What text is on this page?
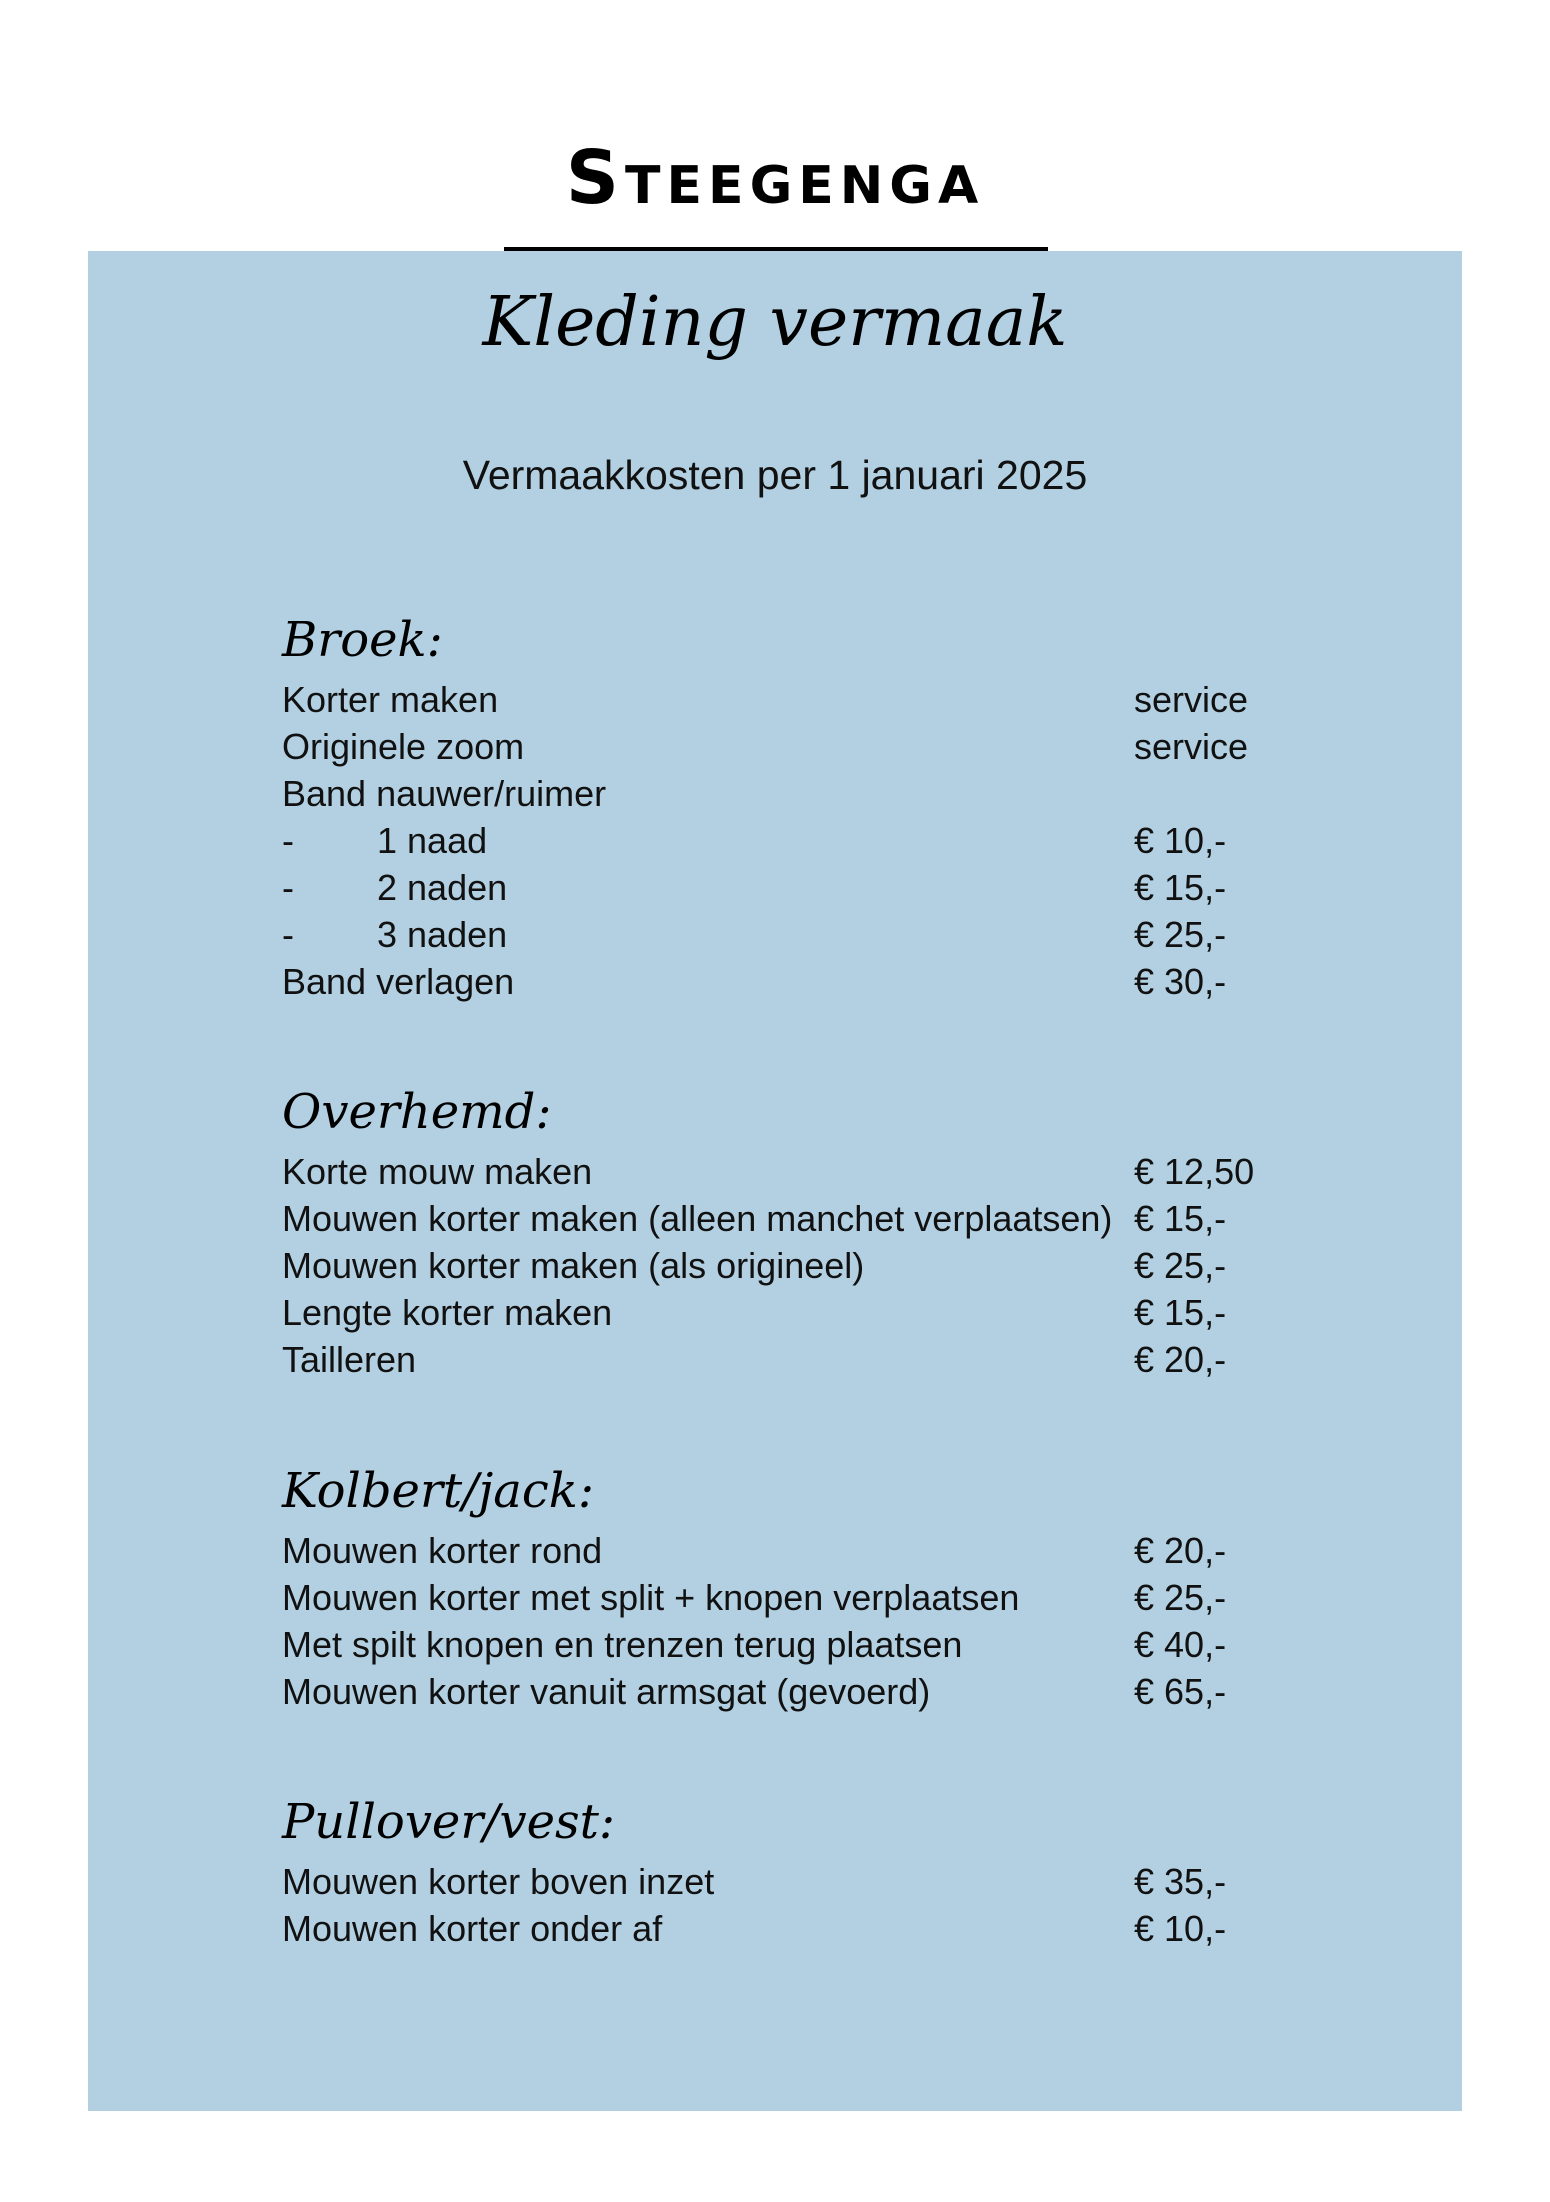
Steegenga
Kleding vermaak
Vermaakkosten per 1 januari 2025
Broek:
Korter maken	service
Originele zoom	service
Band nauwer/ruimer
- 1 naad	€ 10,-
- 2 naden	€ 15,-
- 3 naden	€ 25,-
Band verlagen	€ 30,-
Overhemd:
Korte mouw maken	€ 12,50
Mouwen korter maken (alleen manchet verplaatsen) € 15,-
Mouwen korter maken (als origineel)	€ 25,-
Lengte korter maken	€ 15,-
Tailleren	€ 20,-
Kolbert/jack:
Mouwen korter rond	€ 20,-
Mouwen korter met split + knopen verplaatsen	€ 25,-
Met spilt knopen en trenzen terug plaatsen	€ 40,-
Mouwen korter vanuit armsgat (gevoerd)	€ 65,-
Pullover/vest:
Mouwen korter boven inzet	€ 35,-
Mouwen korter onder af	€ 10,-
